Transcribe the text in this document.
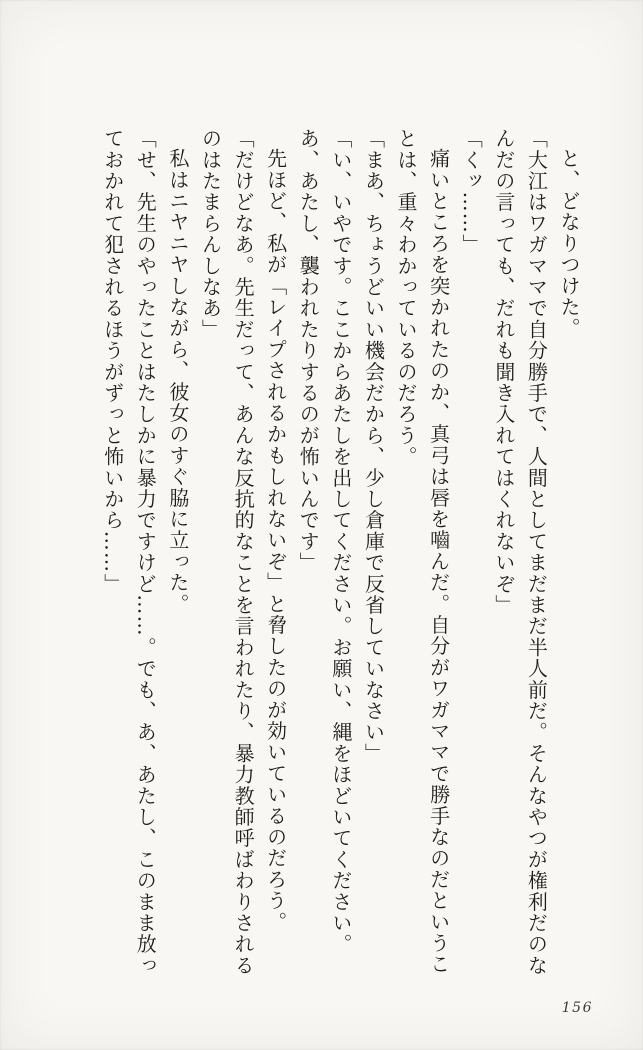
と、どなりつけた。

「大江はワガママで自分勝手で、人間としてまだまだ半人前だ。そんなやつが権利だのなんだの言っても、だれも聞き入れてはくれないぞ」

「くッ……」

痛いところを突かれたのか、真弓は唇を嚙んだ。自分がワガママで勝手なのだということは、重々わかっているのだろう。

「まあ、ちょうどいい機会だから、少し倉庫で反省していなさい」

「い、いやです。ここからあたしを出してください。お願い、縄をほどいてください。あ、あたし、襲われたりするのが怖いんです」

先ほど、私が「レイプされるかもしれないぞ」と脅したのが効いているのだろう。

「だけどなあ。先生だって、あんな反抗的なことを言われたり、暴力教師呼ばわりされるのはたまらんしなあ」

私はニヤニヤしながら、彼女のすぐ脇に立った。

「せ、先生のやったことはたしかに暴力ですけど……。でも、あ、あたし、このまま放っておかれて犯されるほうがずっと怖いから……」

156
